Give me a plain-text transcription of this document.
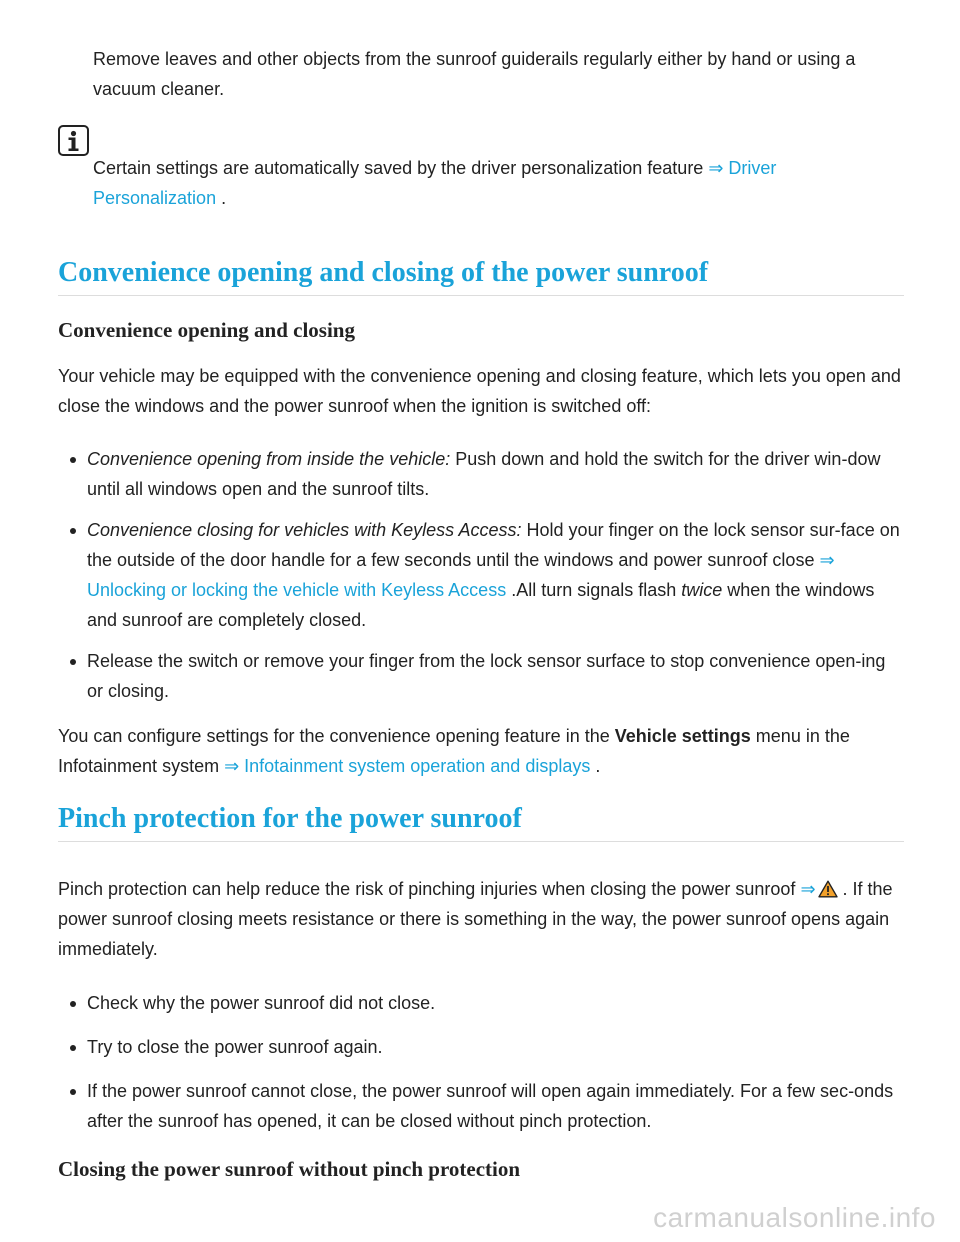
Remove leaves and other objects from the sunroof guiderails regularly either by hand or using a vacuum cleaner.

Certain settings are automatically saved by the driver personalization feature ⇒ Driver Personalization .

Convenience opening and closing of the power sunroof
Convenience opening and closing

Your vehicle may be equipped with the convenience opening and closing feature, which lets you open and close the windows and the power sunroof when the ignition is switched off:

Convenience opening from inside the vehicle: Push down and hold the switch for the driver win-dow until all windows open and the sunroof tilts.
Convenience closing for vehicles with Keyless Access: Hold your finger on the lock sensor sur-face on the outside of the door handle for a few seconds until the windows and power sunroof close ⇒ Unlocking or locking the vehicle with Keyless Access .All turn signals flash twice when the windows and sunroof are completely closed.
Release the switch or remove your finger from the lock sensor surface to stop convenience open-ing or closing.

You can configure settings for the convenience opening feature in the Vehicle settings menu in the Infotainment system ⇒ Infotainment system operation and displays .

Pinch protection for the power sunroof

Pinch protection can help reduce the risk of pinching injuries when closing the power sunroof ⇒ . If the power sunroof closing meets resistance or there is something in the way, the power sunroof opens again immediately.

Check why the power sunroof did not close.
Try to close the power sunroof again.
If the power sunroof cannot close, the power sunroof will open again immediately. For a few sec-onds after the sunroof has opened, it can be closed without pinch protection.
Closing the power sunroof without pinch protection
carmanualsonline.info
